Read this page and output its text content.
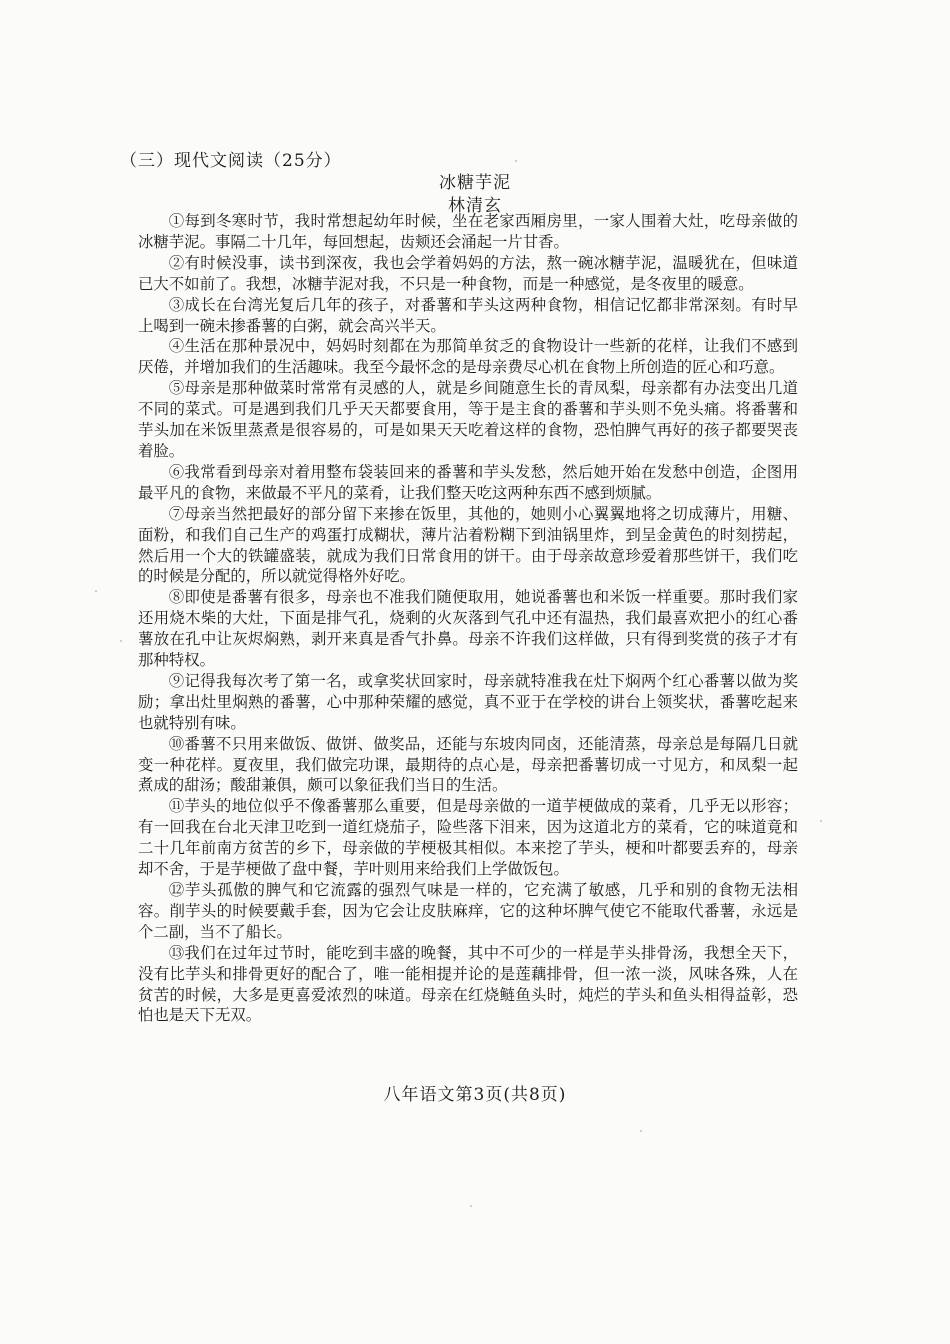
（三）现代文阅读（25分）
冰糖芋泥
林清玄

①每到冬寒时节，我时常想起幼年时候，坐在老家西厢房里，一家人围着大灶，吃母亲做的冰糖芋泥。事隔二十几年，每回想起，齿颊还会涌起一片甘香。

②有时候没事，读书到深夜，我也会学着妈妈的方法，熬一碗冰糖芋泥，温暖犹在，但味道已大不如前了。我想，冰糖芋泥对我，不只是一种食物，而是一种感觉，是冬夜里的暖意。

③成长在台湾光复后几年的孩子，对番薯和芋头这两种食物，相信记忆都非常深刻。有时早上喝到一碗未掺番薯的白粥，就会高兴半天。

④生活在那种景况中，妈妈时刻都在为那简单贫乏的食物设计一些新的花样，让我们不感到厌倦，并增加我们的生活趣味。我至今最怀念的是母亲费尽心机在食物上所创造的匠心和巧意。

⑤母亲是那种做菜时常常有灵感的人，就是乡间随意生长的青凤梨，母亲都有办法变出几道不同的菜式。可是遇到我们几乎天天都要食用，等于是主食的番薯和芋头则不免头痛。将番薯和芋头加在米饭里蒸煮是很容易的，可是如果天天吃着这样的食物，恐怕脾气再好的孩子都要哭丧着脸。

⑥我常看到母亲对着用整布袋装回来的番薯和芋头发愁，然后她开始在发愁中创造，企图用最平凡的食物，来做最不平凡的菜肴，让我们整天吃这两种东西不感到烦腻。

⑦母亲当然把最好的部分留下来掺在饭里，其他的，她则小心翼翼地将之切成薄片，用糖、面粉，和我们自己生产的鸡蛋打成糊状，薄片沾着粉糊下到油锅里炸，到呈金黄色的时刻捞起，然后用一个大的铁罐盛装，就成为我们日常食用的饼干。由于母亲故意珍爱着那些饼干，我们吃的时候是分配的，所以就觉得格外好吃。

⑧即使是番薯有很多，母亲也不准我们随便取用，她说番薯也和米饭一样重要。那时我们家还用烧木柴的大灶，下面是排气孔，烧剩的火灰落到气孔中还有温热，我们最喜欢把小的红心番薯放在孔中让灰烬焖熟，剥开来真是香气扑鼻。母亲不许我们这样做，只有得到奖赏的孩子才有那种特权。

⑨记得我每次考了第一名，或拿奖状回家时，母亲就特准我在灶下焖两个红心番薯以做为奖励；拿出灶里焖熟的番薯，心中那种荣耀的感觉，真不亚于在学校的讲台上领奖状，番薯吃起来也就特别有味。

⑩番薯不只用来做饭、做饼、做奖品，还能与东坡肉同卤，还能清蒸，母亲总是每隔几日就变一种花样。夏夜里，我们做完功课，最期待的点心是，母亲把番薯切成一寸见方，和凤梨一起煮成的甜汤；酸甜兼俱，颇可以象征我们当日的生活。

⑪芋头的地位似乎不像番薯那么重要，但是母亲做的一道芋梗做成的菜肴，几乎无以形容；有一回我在台北天津卫吃到一道红烧茄子，险些落下泪来，因为这道北方的菜肴，它的味道竟和二十几年前南方贫苦的乡下，母亲做的芋梗极其相似。本来挖了芋头，梗和叶都要丢弃的，母亲却不舍，于是芋梗做了盘中餐，芋叶则用来给我们上学做饭包。

⑫芋头孤傲的脾气和它流露的强烈气味是一样的，它充满了敏感，几乎和别的食物无法相容。削芋头的时候要戴手套，因为它会让皮肤麻痒，它的这种坏脾气使它不能取代番薯，永远是个二副，当不了船长。

⑬我们在过年过节时，能吃到丰盛的晚餐，其中不可少的一样是芋头排骨汤，我想全天下，没有比芋头和排骨更好的配合了，唯一能相提并论的是莲藕排骨，但一浓一淡，风味各殊，人在贫苦的时候，大多是更喜爱浓烈的味道。母亲在红烧鲢鱼头时，炖烂的芋头和鱼头相得益彰，恐怕也是天下无双。

八年语文第3页(共8页)
